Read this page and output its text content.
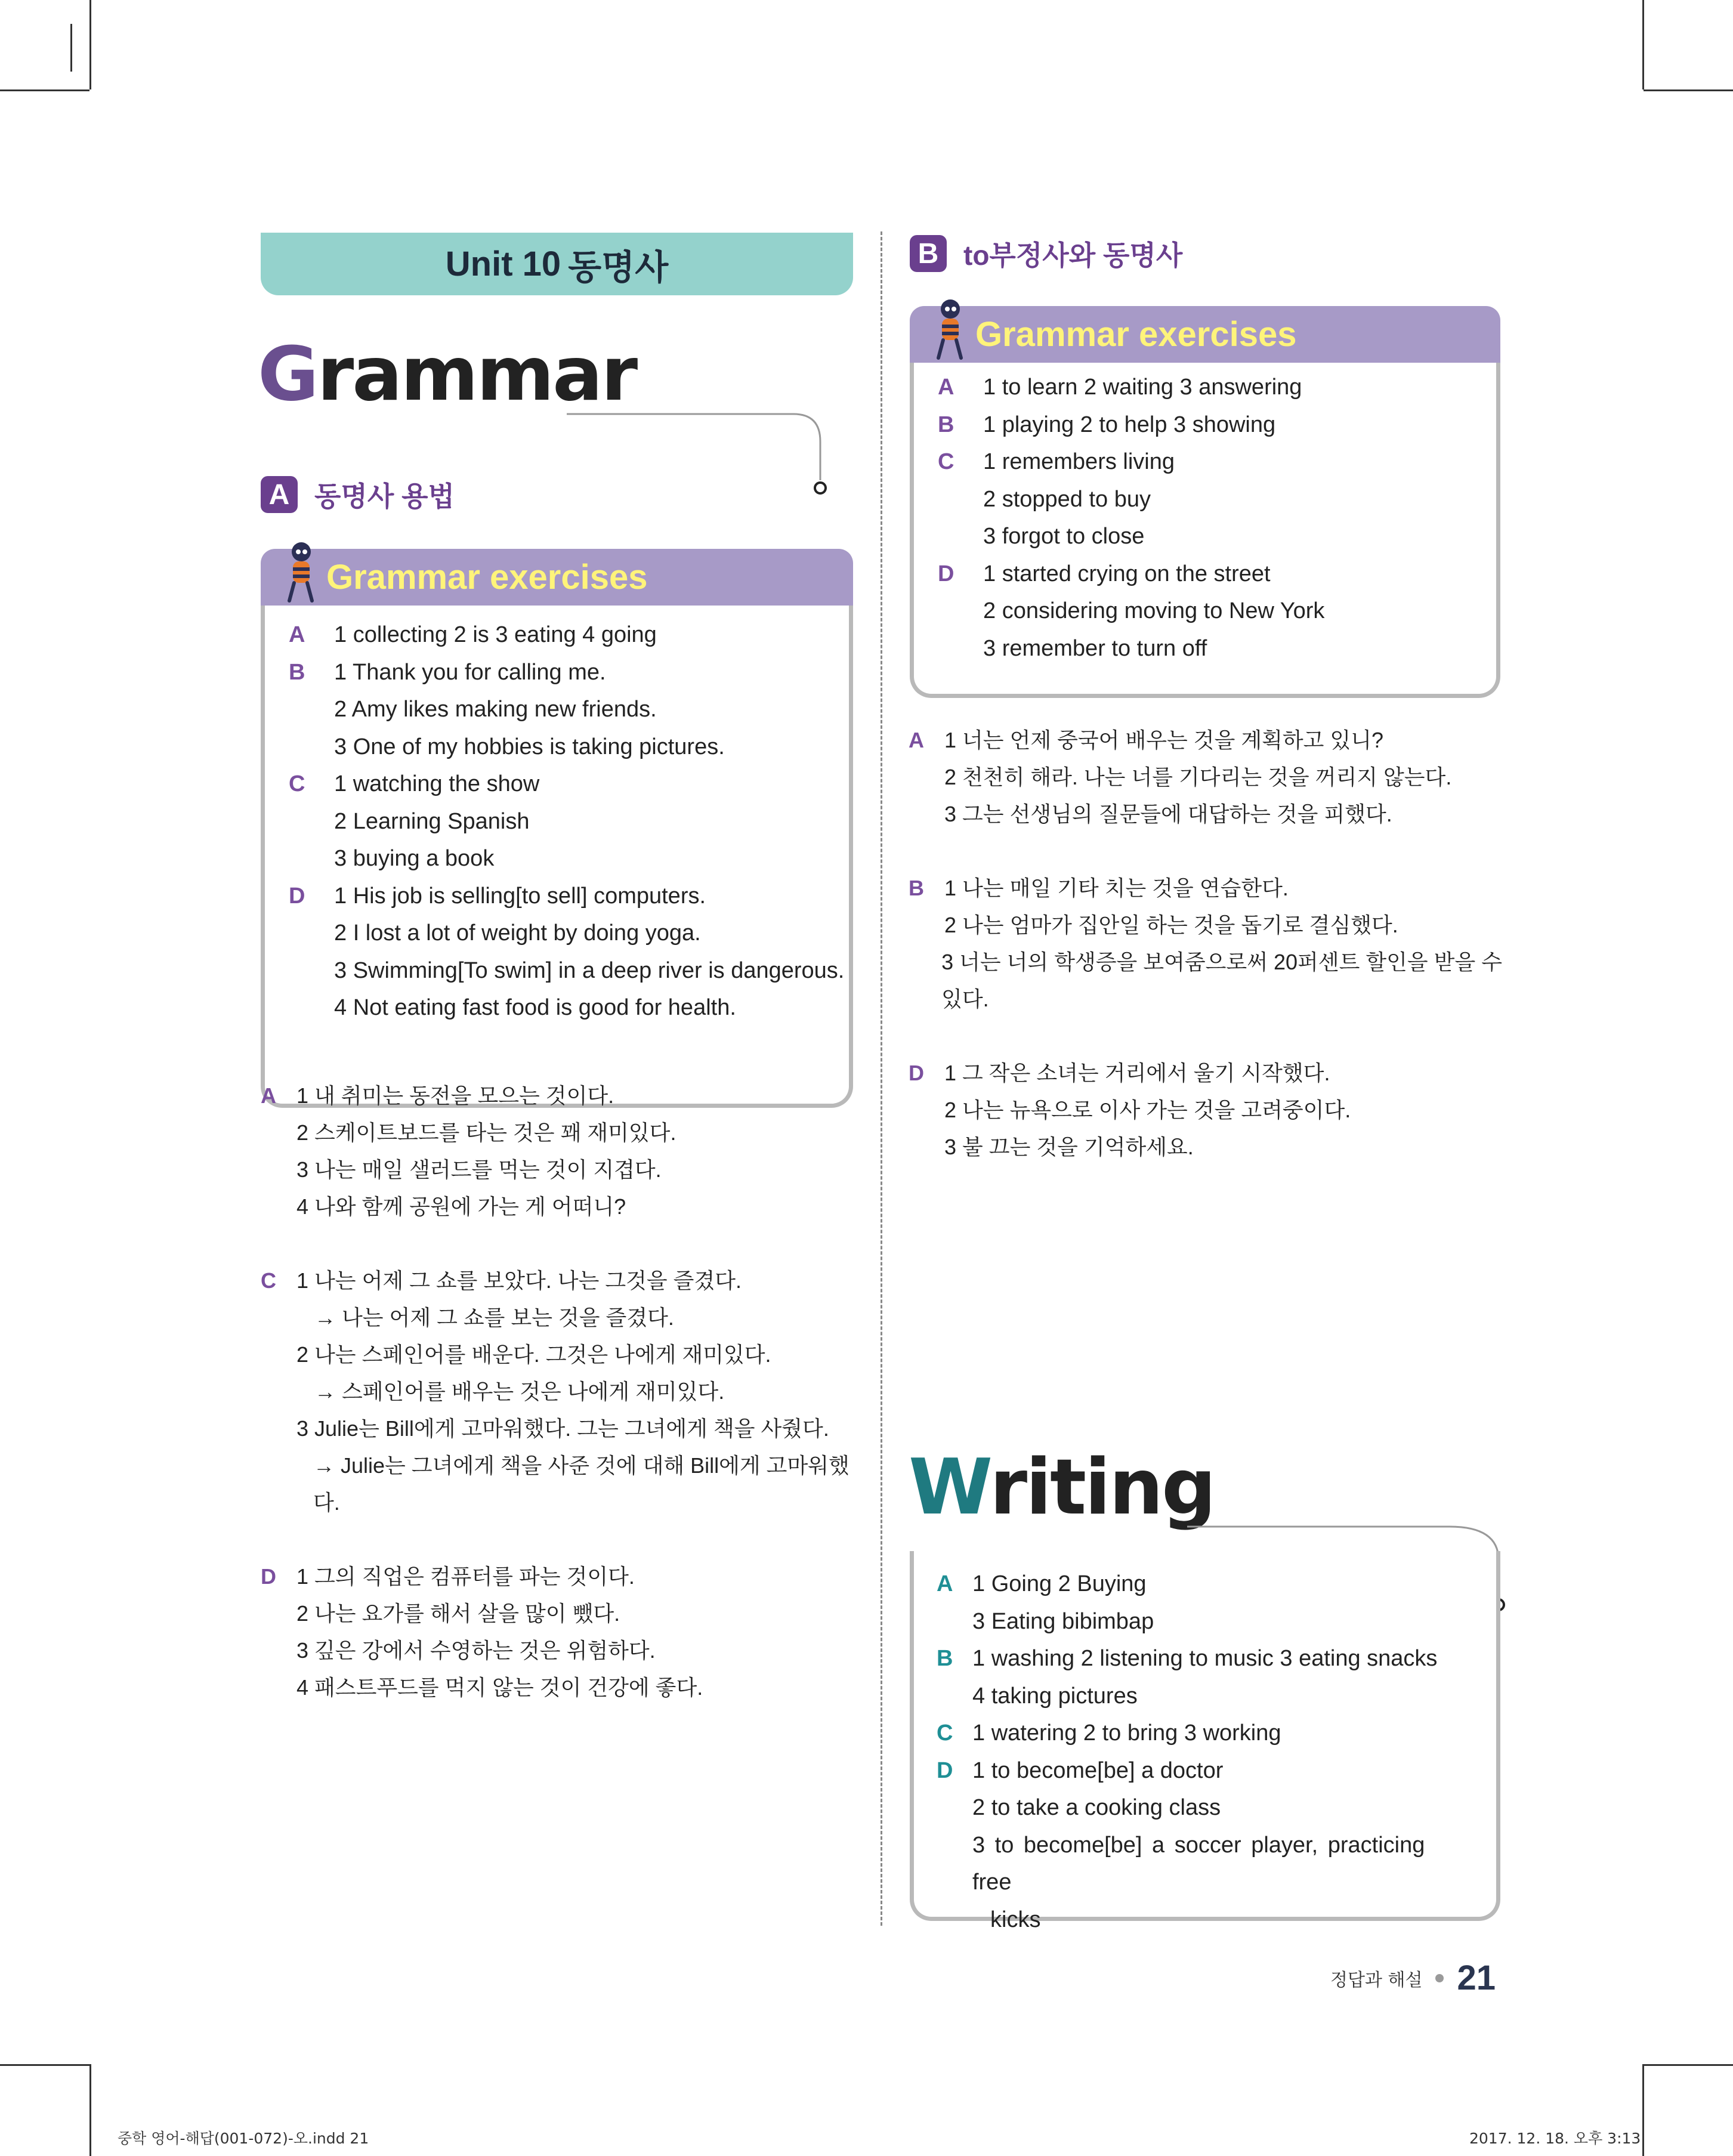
Unit 10 동명사
Grammar
A 동명사 용법
Grammar exercises
A	1 collecting 2 is 3 eating 4 going
B	1 Thank you for calling me.
2 Amy likes making new friends.
3 One of my hobbies is taking pictures.
C	1 watching the show
2 Learning Spanish
3 buying a book
D	1 His job is selling[to sell] computers.
2 I lost a lot of weight by doing yoga.
3 Swimming[To swim] in a deep river is dangerous.
4 Not eating fast food is good for health.
A 1 내 취미는 동전을 모으는 것이다.
2 스케이트보드를 타는 것은 꽤 재미있다.
3 나는 매일 샐러드를 먹는 것이 지겹다.
4 나와 함께 공원에 가는 게 어떠니?
C 1 나는 어제 그 쇼를 보았다. 나는 그것을 즐겼다.
→ 나는 어제 그 쇼를 보는 것을 즐겼다.
2 나는 스페인어를 배운다. 그것은 나에게 재미있다.
→ 스페인어를 배우는 것은 나에게 재미있다.
3 Julie는 Bill에게 고마워했다. 그는 그녀에게 책을 사줬다.
→ Julie는 그녀에게 책을 사준 것에 대해 Bill에게 고마워했다.
D 1 그의 직업은 컴퓨터를 파는 것이다.
2 나는 요가를 해서 살을 많이 뺐다.
3 깊은 강에서 수영하는 것은 위험하다.
4 패스트푸드를 먹지 않는 것이 건강에 좋다.
B to부정사와 동명사
Grammar exercises
A	1 to learn 2 waiting 3 answering
B	1 playing 2 to help 3 showing
C	1 remembers living
2 stopped to buy
3 forgot to close
D	1 started crying on the street
2 considering moving to New York
3 remember to turn off
A 1 너는 언제 중국어 배우는 것을 계획하고 있니?
2 천천히 해라. 나는 너를 기다리는 것을 꺼리지 않는다.
3 그는 선생님의 질문들에 대답하는 것을 피했다.
B 1 나는 매일 기타 치는 것을 연습한다.
2 나는 엄마가 집안일 하는 것을 돕기로 결심했다.
3 너는 너의 학생증을 보여줌으로써 20퍼센트 할인을 받을 수 있다.
D 1 그 작은 소녀는 거리에서 울기 시작했다.
2 나는 뉴욕으로 이사 가는 것을 고려중이다.
3 불 끄는 것을 기억하세요.
Writing
A 1 Going 2 Buying
3 Eating bibimbap
B 1 washing 2 listening to music 3 eating snacks
4 taking pictures
C 1 watering 2 to bring 3 working
D 1 to become[be] a doctor
2 to take a cooking class
3 to become[be] a soccer player, practicing free
kicks
정답과 해설 21
중학 영어-해답(001-072)-오.indd 21	2017. 12. 18. 오후 3:13
